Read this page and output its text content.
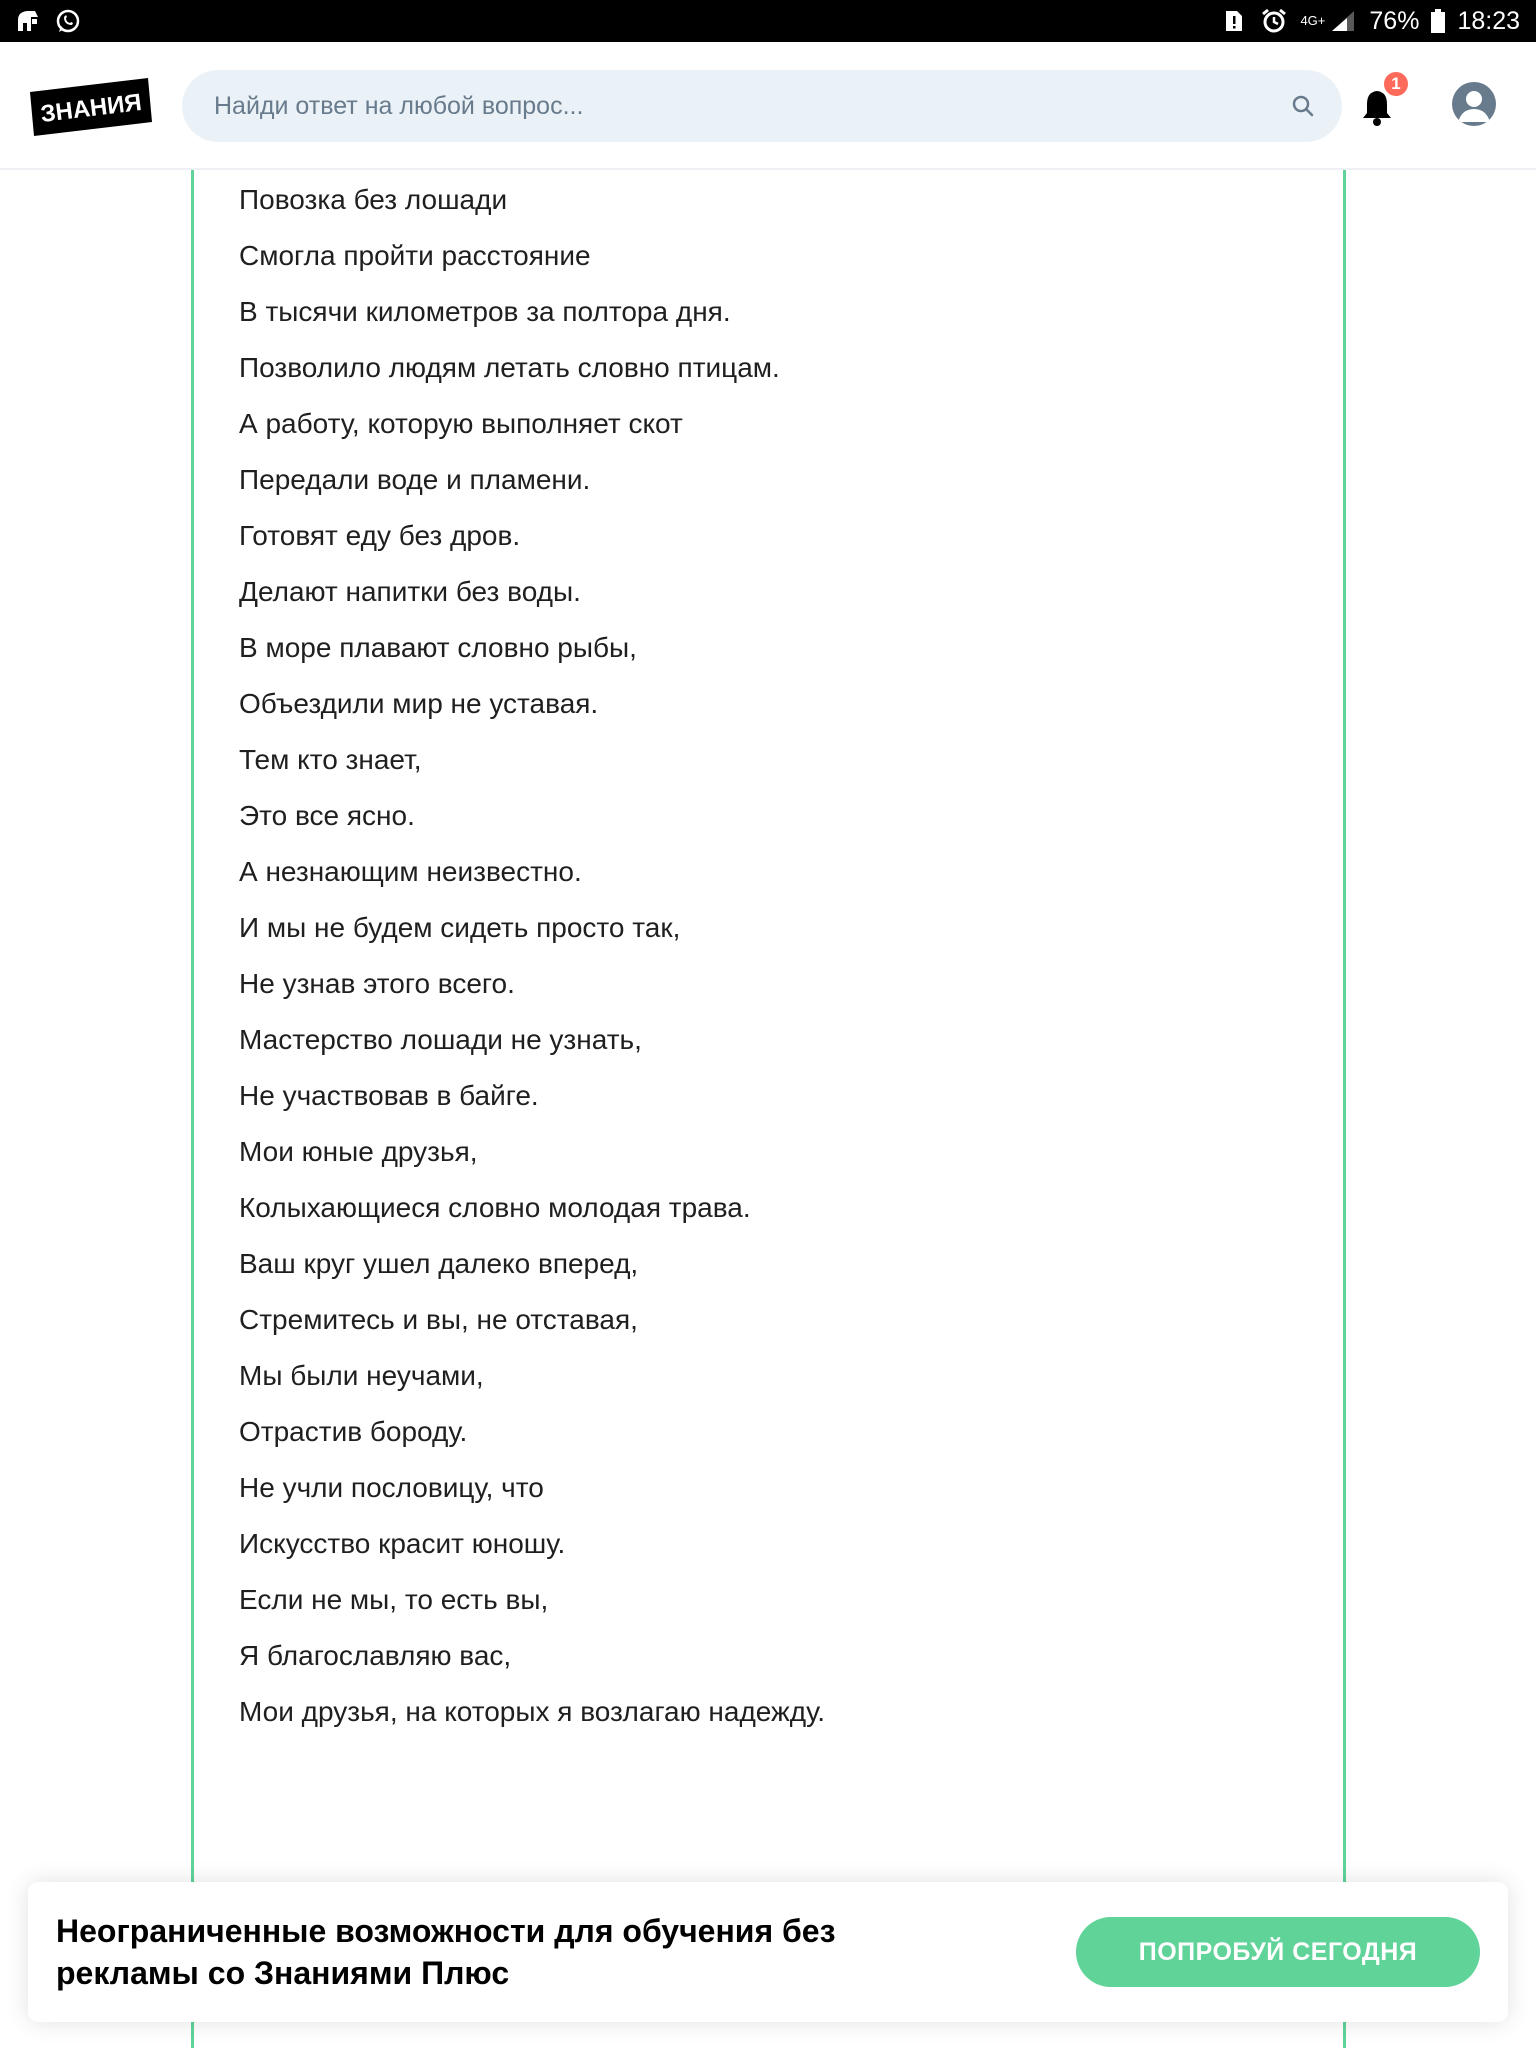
4G+ 76% 18:23
ЗНАНИЯ
Найди ответ на любой вопрос...
1
Повозка без лошади
Смогла пройти расстояние
В тысячи километров за полтора дня.
Позволило людям летать словно птицам.
А работу, которую выполняет скот
Передали воде и пламени.
Готовят еду без дров.
Делают напитки без воды.
В море плавают словно рыбы,
Объездили мир не уставая.
Тем кто знает,
Это все ясно.
А незнающим неизвестно.
И мы не будем сидеть просто так,
Не узнав этого всего.
Мастерство лошади не узнать,
Не участвовав в байге.
Мои юные друзья,
Колыхающиеся словно молодая трава.
Ваш круг ушел далеко вперед,
Стремитесь и вы, не отставая,
Мы были неучами,
Отрастив бороду.
Не учли пословицу, что
Искусство красит юношу.
Если не мы, то есть вы,
Я благославляю вас,
Мои друзья, на которых я возлагаю надежду.
Неограниченные возможности для обучения без рекламы со Знаниями Плюс
ПОПРОБУЙ СЕГОДНЯ
